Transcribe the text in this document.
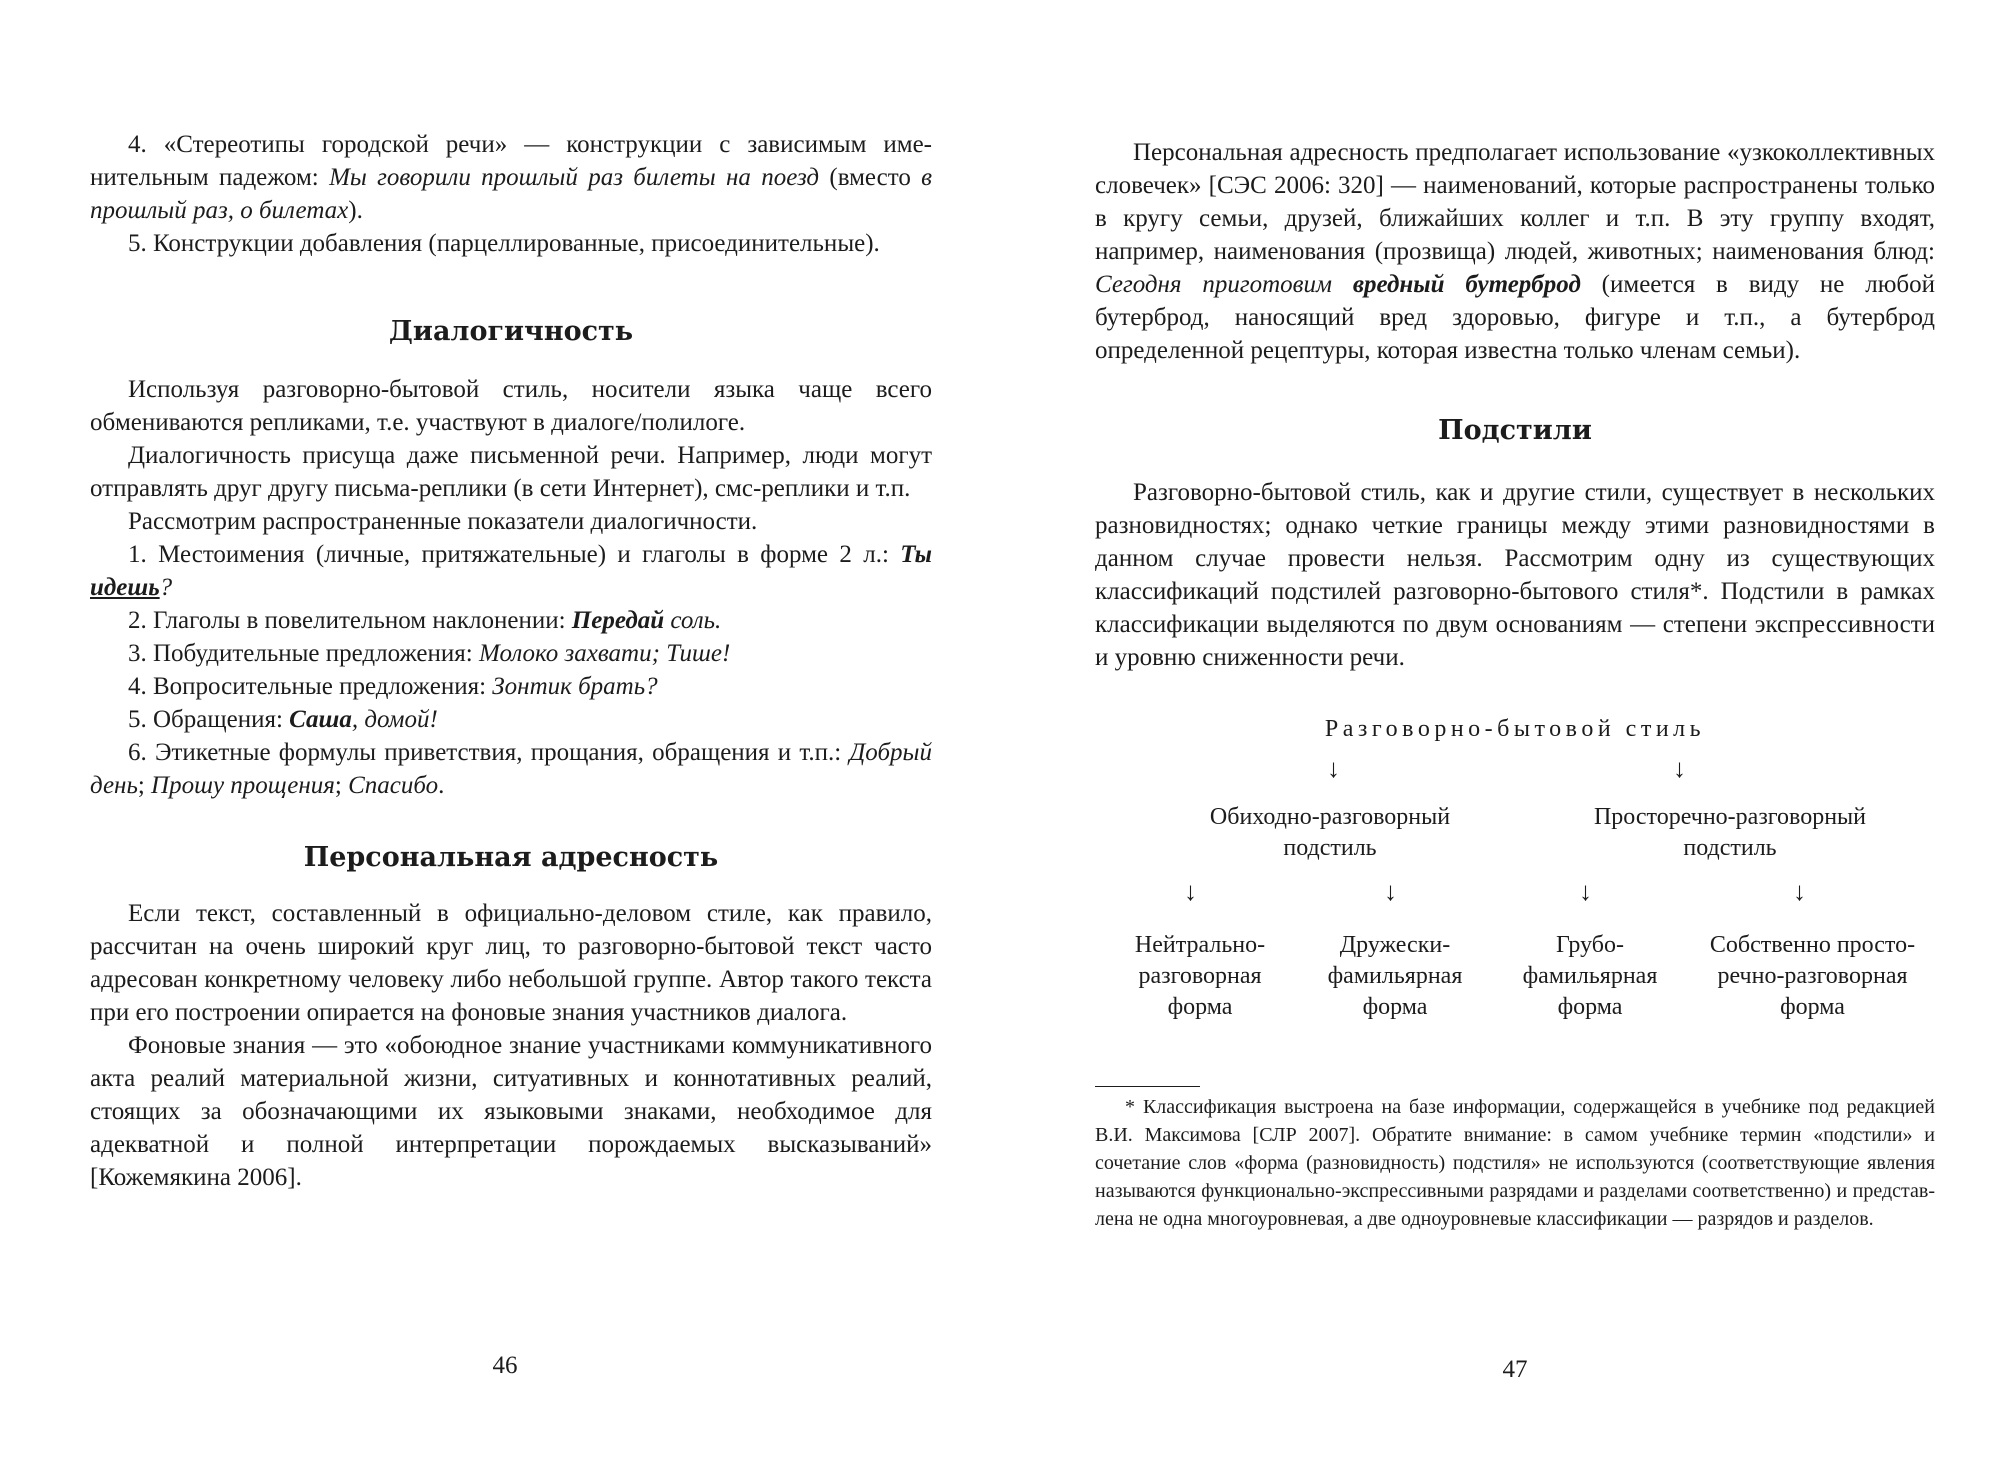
4. «Стереотипы городской речи» — конструкции с зависимым именительным падежом: Мы говорили прошлый раз билеты на поезд (вместо в прошлый раз, о билетах).

5. Конструкции добавления (парцеллированные, присоединительные).

Диалогичность

Используя разговорно-бытовой стиль, носители языка чаще всего обмениваются репликами, т.е. участвуют в диалоге/полилоге.

Диалогичность присуща даже письменной речи. Например, люди могут отправлять друг другу письма-реплики (в сети Интернет), смс-реплики и т.п.

Рассмотрим распространенные показатели диалогичности.

1. Местоимения (личные, притяжательные) и глаголы в форме 2 л.: Ты идешь?

2. Глаголы в повелительном наклонении: Передай соль.

3. Побудительные предложения: Молоко захвати; Тише!

4. Вопросительные предложения: Зонтик брать?

5. Обращения: Саша, домой!

6. Этикетные формулы приветствия, прощания, обращения и т.п.: Добрый день; Прошу прощения; Спасибо.

Персональная адресность

Если текст, составленный в официально-деловом стиле, как правило, рассчитан на очень широкий круг лиц, то разговорно-бытовой текст часто адресован конкретному человеку либо небольшой группе. Автор такого текста при его построении опирается на фоновые знания участников диалога.

Фоновые знания — это «обоюдное знание участниками коммуникативного акта реалий материальной жизни, ситуативных и коннотативных реалий, стоящих за обозначающими их языковыми знаками, необходимое для адекватной и полной интерпретации порождаемых высказываний» [Кожемякина 2006].

46

Персональная адресность предполагает использование «узкоколлективных словечек» [СЭС 2006: 320] — наименований, которые распространены только в кругу семьи, друзей, ближайших коллег и т.п. В эту группу входят, например, наименования (прозвища) людей, животных; наименования блюд: Сегодня приготовим вредный бутерброд (имеется в виду не любой бутерброд, наносящий вред здоровью, фигуре и т.п., а бутерброд определенной рецептуры, которая известна только членам семьи).

Подстили

Разговорно-бытовой стиль, как и другие стили, существует в нескольких разновидностях; однако четкие границы между этими разновидностями в данном случае провести нельзя. Рассмотрим одну из существующих классификаций подстилей разговорно-бытового стиля*. Подстили в рамках классификации выделяются по двум основаниям — степени экспрессивности и уровню сниженности речи.

Разговорно-бытовой стиль
↓	↓
Обиходно-разговорный
подстиль
Просторечно-разговорный
подстиль
↓	↓	↓	↓
Нейтрально-
разговорная
форма
Дружески-
фамильярная
форма
Грубо-
фамильярная
форма
Собственно просто-
речно-разговорная
форма

* Классификация выстроена на базе информации, содержащейся в учебнике под редакцией В.И. Максимова [СЛР 2007]. Обратите внимание: в самом учебнике термин «подстили» и сочетание слов «форма (разновидность) подстиля» не используются (соответствующие явления называются функционально-экспрессивными разрядами и разделами соответственно) и представлена не одна многоуровневая, а две одноуровневые классификации — разрядов и разделов.

47
